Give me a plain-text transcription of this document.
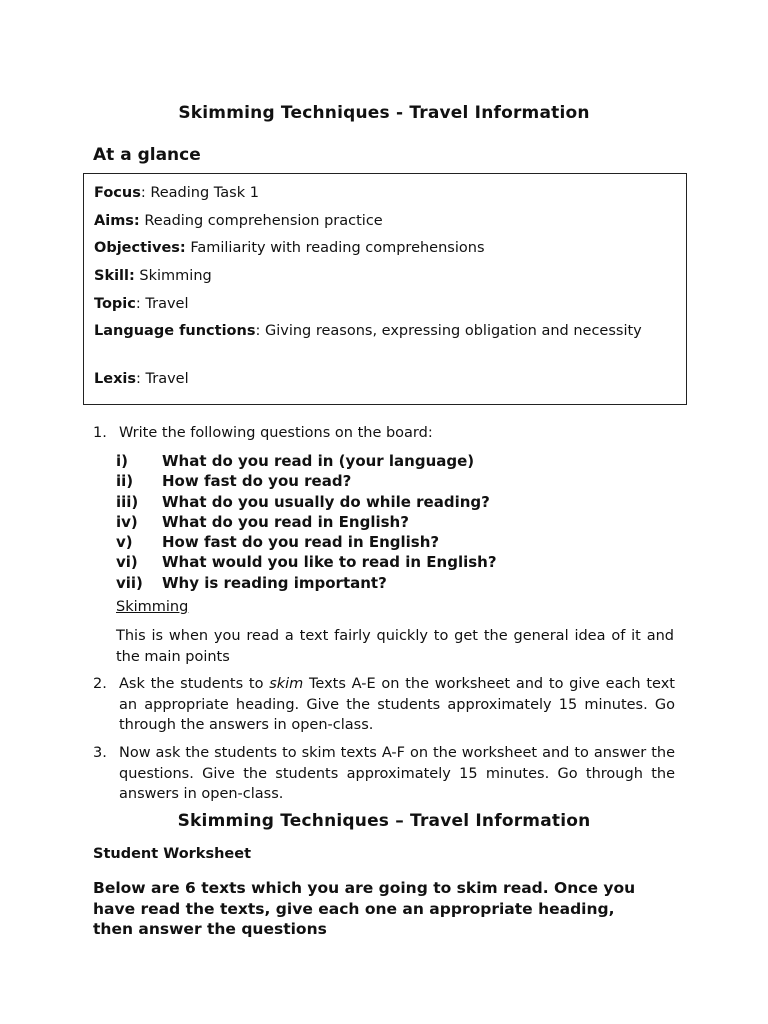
Skimming Techniques - Travel Information
At a glance
Focus: Reading Task 1
Aims: Reading comprehension practice
Objectives: Familiarity with reading comprehensions
Skill: Skimming
Topic: Travel
Language functions: Giving reasons, expressing obligation and necessity
Lexis: Travel
1. Write the following questions on the board:
i) What do you read in (your language)
ii) How fast do you read?
iii) What do you usually do while reading?
iv) What do you read in English?
v) How fast do you read in English?
vi) What would you like to read in English?
vii) Why is reading important?
Skimming
This is when you read a text fairly quickly to get the general idea of it and the main points
2. Ask the students to skim Texts A-E on the worksheet and to give each text an appropriate heading. Give the students approximately 15 minutes. Go through the answers in open-class.
3. Now ask the students to skim texts A-F on the worksheet and to answer the questions. Give the students approximately 15 minutes. Go through the answers in open-class.
Skimming Techniques – Travel Information
Student Worksheet
Below are 6 texts which you are going to skim read. Once you have read the texts, give each one an appropriate heading, then answer the questions
